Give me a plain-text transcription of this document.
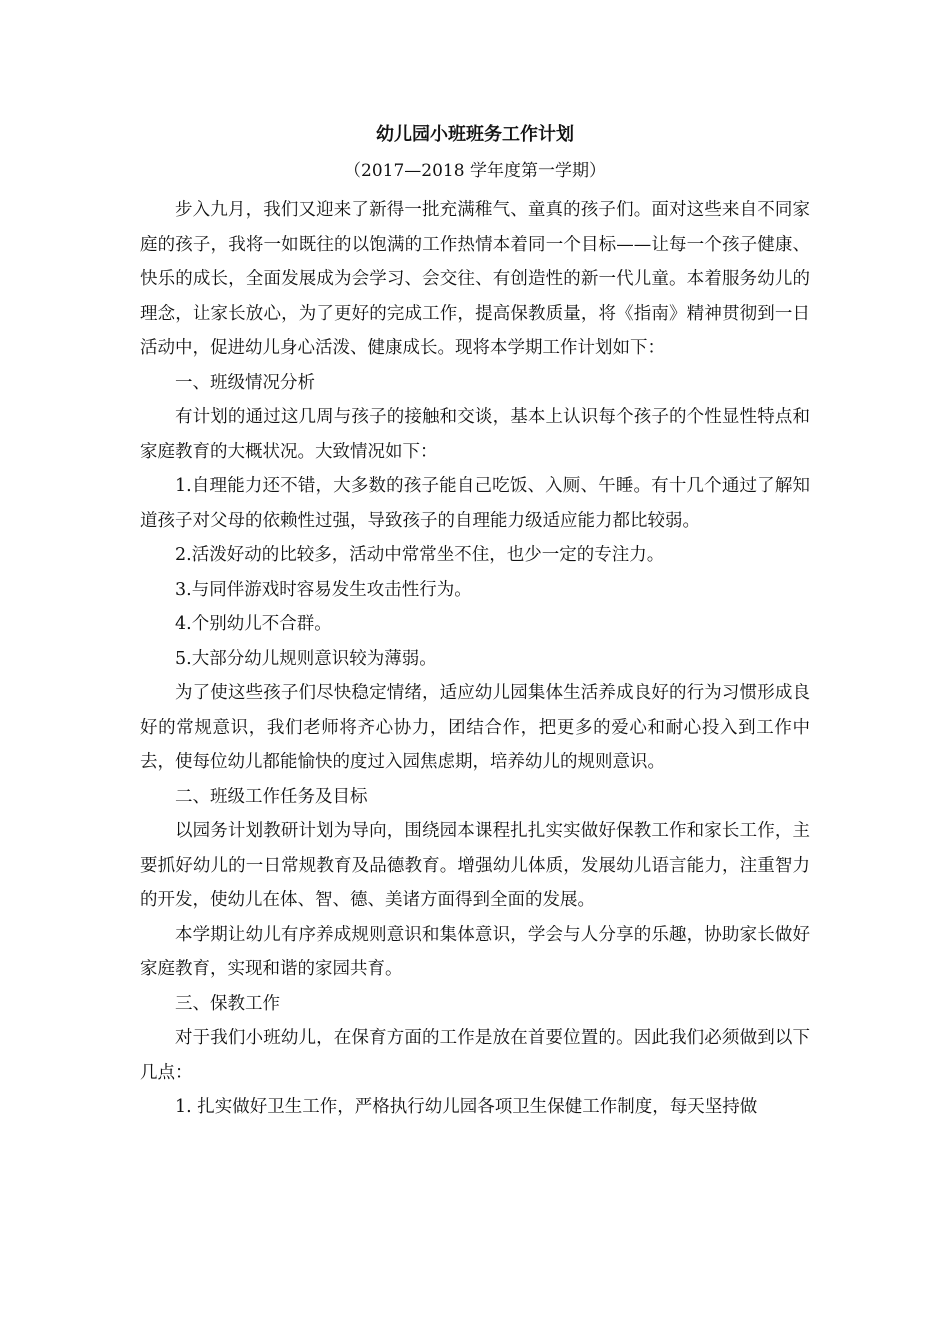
幼儿园小班班务工作计划
（2017—2018 学年度第一学期）

步入九月，我们又迎来了新得一批充满稚气、童真的孩子们。面对这些来自不同家庭的孩子，我将一如既往的以饱满的工作热情本着同一个目标——让每一个孩子健康、快乐的成长，全面发展成为会学习、会交往、有创造性的新一代儿童。本着服务幼儿的理念，让家长放心，为了更好的完成工作，提高保教质量，将《指南》精神贯彻到一日活动中，促进幼儿身心活泼、健康成长。现将本学期工作计划如下：

一、班级情况分析

有计划的通过这几周与孩子的接触和交谈，基本上认识每个孩子的个性显性特点和家庭教育的大概状况。大致情况如下：

1.自理能力还不错，大多数的孩子能自己吃饭、入厕、午睡。有十几个通过了解知道孩子对父母的依赖性过强，导致孩子的自理能力级适应能力都比较弱。

2.活泼好动的比较多，活动中常常坐不住，也少一定的专注力。

3.与同伴游戏时容易发生攻击性行为。

4.个别幼儿不合群。

5.大部分幼儿规则意识较为薄弱。

为了使这些孩子们尽快稳定情绪，适应幼儿园集体生活养成良好的行为习惯形成良好的常规意识，我们老师将齐心协力，团结合作，把更多的爱心和耐心投入到工作中去，使每位幼儿都能愉快的度过入园焦虑期，培养幼儿的规则意识。

二、班级工作任务及目标

以园务计划教研计划为导向，围绕园本课程扎扎实实做好保教工作和家长工作，主要抓好幼儿的一日常规教育及品德教育。增强幼儿体质，发展幼儿语言能力，注重智力的开发，使幼儿在体、智、德、美诸方面得到全面的发展。

本学期让幼儿有序养成规则意识和集体意识，学会与人分享的乐趣，协助家长做好家庭教育，实现和谐的家园共育。

三、保教工作

对于我们小班幼儿，在保育方面的工作是放在首要位置的。因此我们必须做到以下几点：

1. 扎实做好卫生工作，严格执行幼儿园各项卫生保健工作制度，每天坚持做
